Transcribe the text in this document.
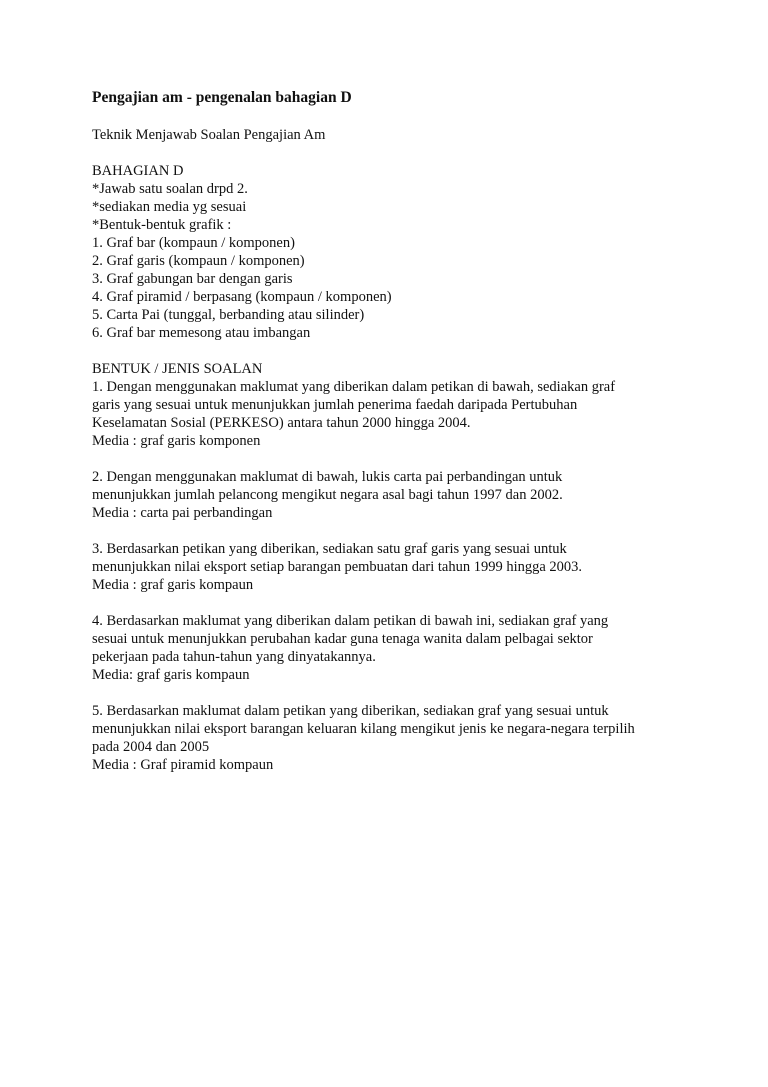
Pengajian am - pengenalan bahagian D
Teknik Menjawab Soalan Pengajian Am
BAHAGIAN D
*Jawab satu soalan drpd 2.
*sediakan media yg sesuai
*Bentuk-bentuk grafik :
1. Graf bar (kompaun / komponen)
2. Graf garis (kompaun / komponen)
3. Graf gabungan bar dengan garis
4. Graf piramid / berpasang (kompaun / komponen)
5. Carta Pai (tunggal, berbanding atau silinder)
6. Graf bar memesong atau imbangan
BENTUK / JENIS SOALAN
1. Dengan menggunakan maklumat yang diberikan dalam petikan di bawah, sediakan graf
garis yang sesuai untuk menunjukkan jumlah penerima faedah daripada Pertubuhan
Keselamatan Sosial (PERKESO) antara tahun 2000 hingga 2004.
Media : graf garis komponen
2. Dengan menggunakan maklumat di bawah, lukis carta pai perbandingan untuk
menunjukkan jumlah pelancong mengikut negara asal bagi tahun 1997 dan 2002.
Media : carta pai perbandingan
3. Berdasarkan petikan yang diberikan, sediakan satu graf garis yang sesuai untuk
menunjukkan nilai eksport setiap barangan pembuatan dari tahun 1999 hingga 2003.
Media : graf garis kompaun
4. Berdasarkan maklumat yang diberikan dalam petikan di bawah ini, sediakan graf yang
sesuai untuk menunjukkan perubahan kadar guna tenaga wanita dalam pelbagai sektor
pekerjaan pada tahun-tahun yang dinyatakannya.
Media: graf garis kompaun
5. Berdasarkan maklumat dalam petikan yang diberikan, sediakan graf yang sesuai untuk
menunjukkan nilai eksport barangan keluaran kilang mengikut jenis ke negara-negara terpilih
pada 2004 dan 2005
Media : Graf piramid kompaun
